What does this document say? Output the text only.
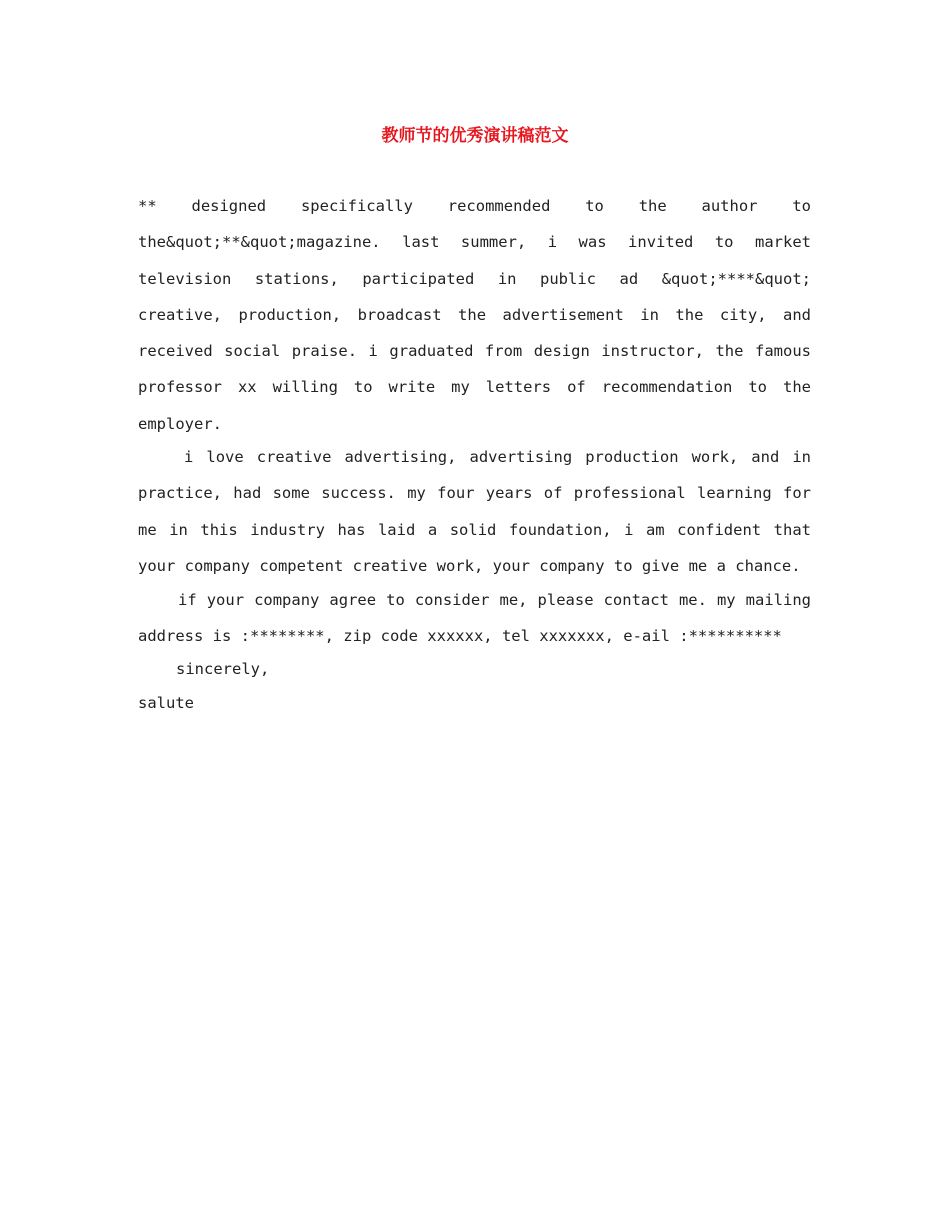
教师节的优秀演讲稿范文

** designed specifically recommended to the author to the&quot;**&quot;magazine. last summer, i was invited to market television stations, participated in public ad &quot;****&quot; creative, production, broadcast the advertisement in the city, and received social praise. i graduated from design instructor, the famous professor xx willing to write my letters of recommendation to the employer.

i love creative advertising, advertising production work, and in practice, had some success. my four years of professional learning for me in this industry has laid a solid foundation, i am confident that your company competent creative work, your company to give me a chance.

if your company agree to consider me, please contact me. my mailing address is :********, zip code xxxxxx, tel xxxxxxx, e-ail :**********

sincerely,

salute
